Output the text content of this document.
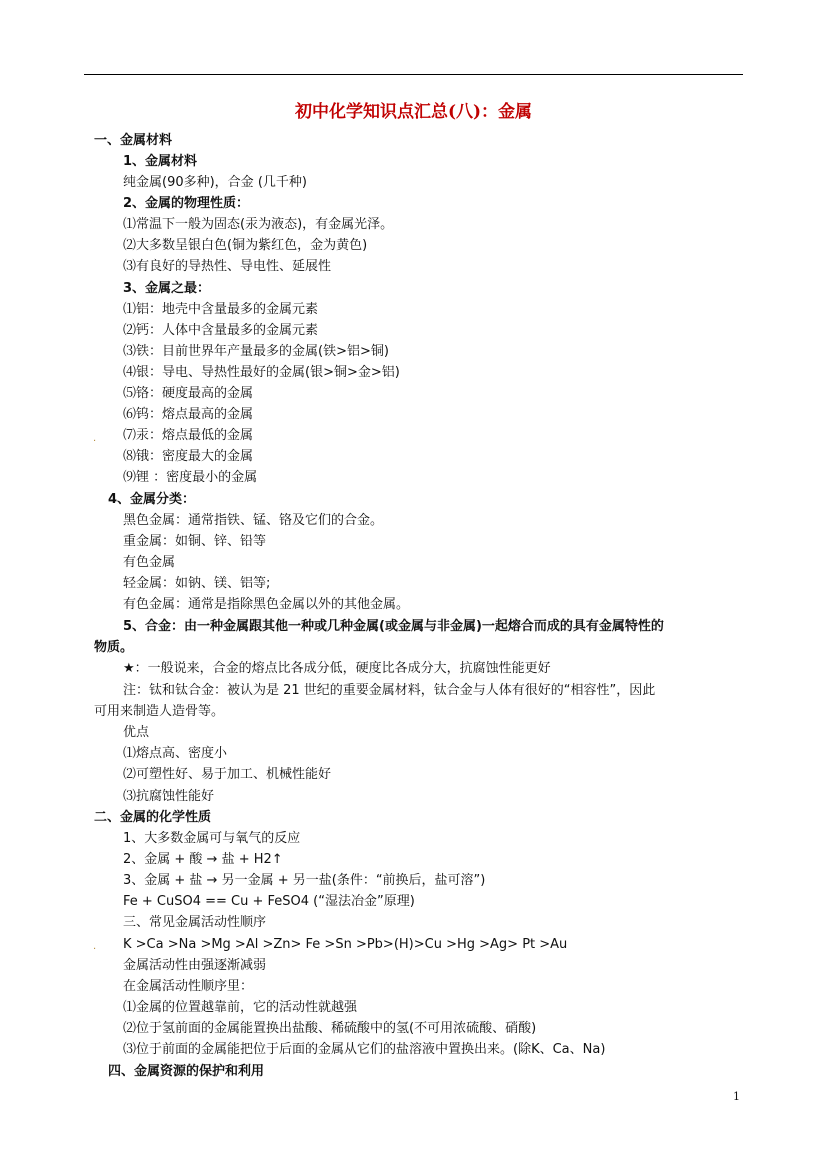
初中化学知识点汇总(八)：金属
一、金属材料
1、金属材料
纯金属(90多种)，合金 (几千种)
2、金属的物理性质：
⑴常温下一般为固态(汞为液态)，有金属光泽。
⑵大多数呈银白色(铜为紫红色，金为黄色)
⑶有良好的导热性、导电性、延展性
3、金属之最：
⑴铝：地壳中含量最多的金属元素
⑵钙：人体中含量最多的金属元素
⑶铁：目前世界年产量最多的金属(铁>铝>铜)
⑷银：导电、导热性最好的金属(银>铜>金>铝)
⑸铬：硬度最高的金属
⑹钨：熔点最高的金属
⑺汞：熔点最低的金属
⑻锇：密度最大的金属
⑼锂 ：密度最小的金属
4、金属分类：
黑色金属：通常指铁、锰、铬及它们的合金。
重金属：如铜、锌、铅等
有色金属
轻金属：如钠、镁、铝等;
有色金属：通常是指除黑色金属以外的其他金属。
5、合金：由一种金属跟其他一种或几种金属(或金属与非金属)一起熔合而成的具有金属特性的
物质。
★：一般说来，合金的熔点比各成分低，硬度比各成分大，抗腐蚀性能更好
注：钛和钛合金：被认为是 21 世纪的重要金属材料，钛合金与人体有很好的“相容性”，因此
可用来制造人造骨等。
优点
⑴熔点高、密度小
⑵可塑性好、易于加工、机械性能好
⑶抗腐蚀性能好
二、金属的化学性质
1、大多数金属可与氧气的反应
2、金属 + 酸 → 盐 + H2↑
3、金属 + 盐 → 另一金属 + 另一盐(条件：“前换后，盐可溶”)
Fe + CuSO4 == Cu + FeSO4 (“湿法冶金”原理)
三、常见金属活动性顺序
K >Ca >Na >Mg >Al >Zn> Fe >Sn >Pb>(H)>Cu >Hg >Ag> Pt >Au
金属活动性由强逐渐减弱
在金属活动性顺序里：
⑴金属的位置越靠前，它的活动性就越强
⑵位于氢前面的金属能置换出盐酸、稀硫酸中的氢(不可用浓硫酸、硝酸)
⑶位于前面的金属能把位于后面的金属从它们的盐溶液中置换出来。(除K、Ca、Na)
四、金属资源的保护和利用
.
.
1
